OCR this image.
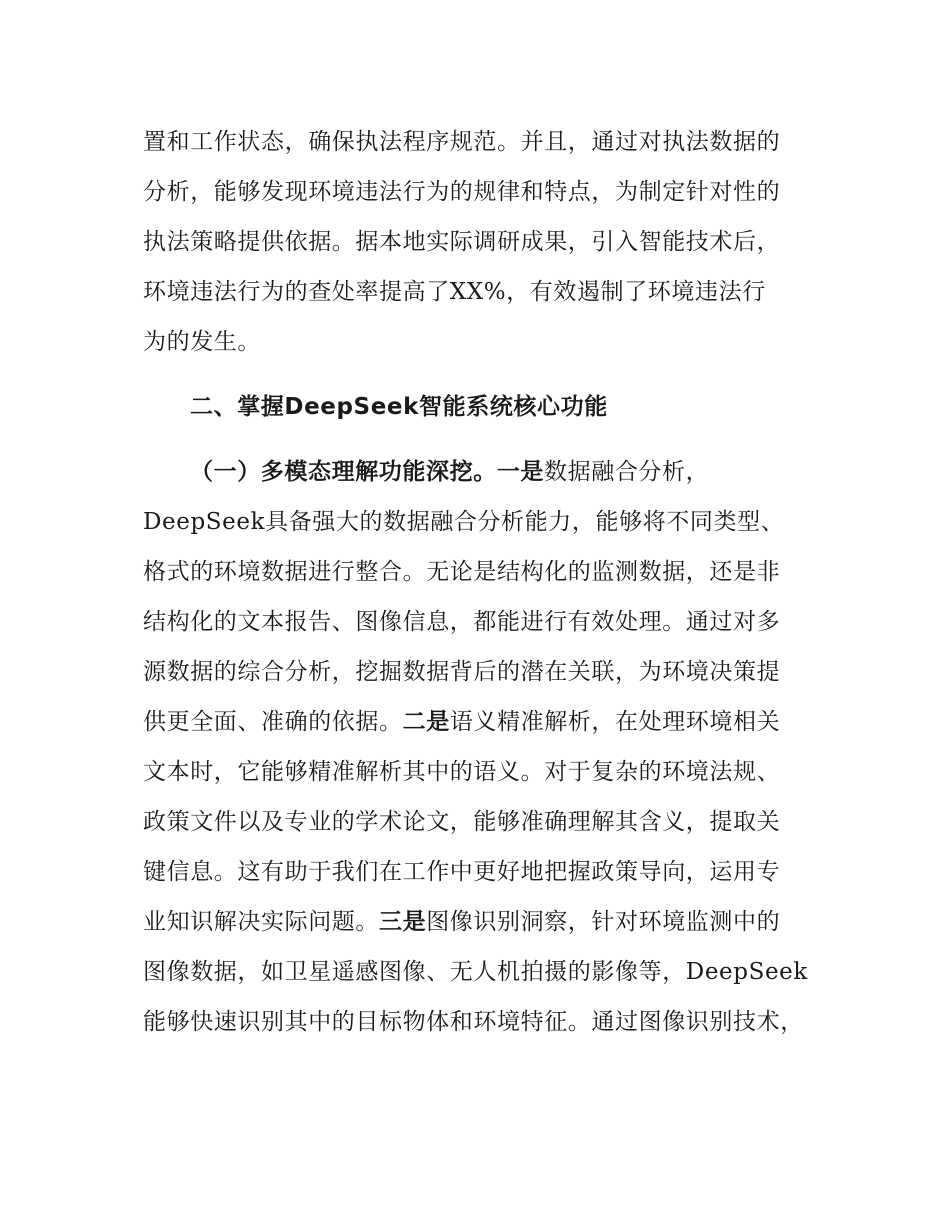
置和工作状态，确保执法程序规范。并且，通过对执法数据的
分析，能够发现环境违法行为的规律和特点，为制定针对性的
执法策略提供依据。据本地实际调研成果，引入智能技术后，
环境违法行为的查处率提高了XX%，有效遏制了环境违法行
为的发生。
二、掌握DeepSeek智能系统核心功能
（一）多模态理解功能深挖。一是数据融合分析，
DeepSeek具备强大的数据融合分析能力，能够将不同类型、
格式的环境数据进行整合。无论是结构化的监测数据，还是非
结构化的文本报告、图像信息，都能进行有效处理。通过对多
源数据的综合分析，挖掘数据背后的潜在关联，为环境决策提
供更全面、准确的依据。二是语义精准解析，在处理环境相关
文本时，它能够精准解析其中的语义。对于复杂的环境法规、
政策文件以及专业的学术论文，能够准确理解其含义，提取关
键信息。这有助于我们在工作中更好地把握政策导向，运用专
业知识解决实际问题。三是图像识别洞察，针对环境监测中的
图像数据，如卫星遥感图像、无人机拍摄的影像等，DeepSeek
能够快速识别其中的目标物体和环境特征。通过图像识别技术，
